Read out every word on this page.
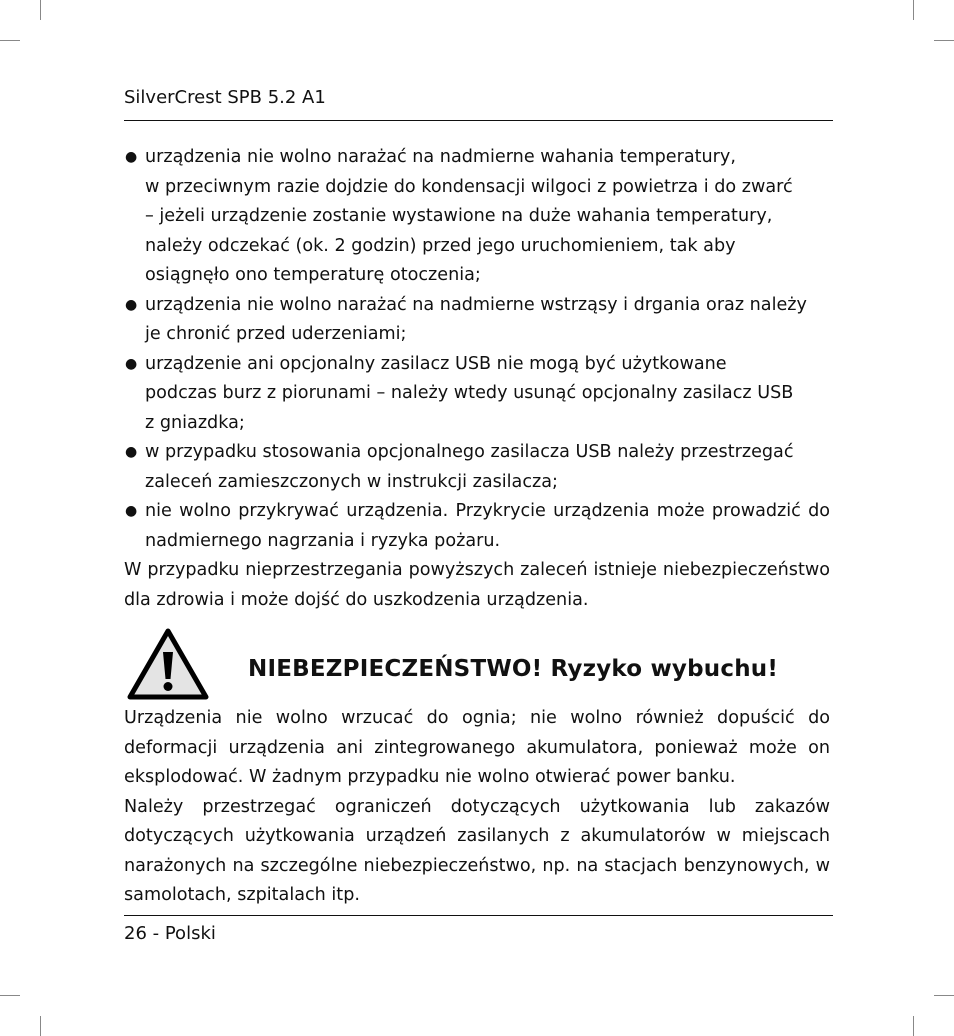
SilverCrest SPB 5.2 A1
● urządzenia nie wolno narażać na nadmierne wahania temperatury,
w przeciwnym razie dojdzie do kondensacji wilgoci z powietrza i do zwarć
– jeżeli urządzenie zostanie wystawione na duże wahania temperatury,
należy odczekać (ok. 2 godzin) przed jego uruchomieniem, tak aby
osiągnęło ono temperaturę otoczenia;
● urządzenia nie wolno narażać na nadmierne wstrząsy i drgania oraz należy
je chronić przed uderzeniami;
● urządzenie ani opcjonalny zasilacz USB nie mogą być użytkowane
podczas burz z piorunami – należy wtedy usunąć opcjonalny zasilacz USB
z gniazdka;
● w przypadku stosowania opcjonalnego zasilacza USB należy przestrzegać
zaleceń zamieszczonych w instrukcji zasilacza;
● nie wolno przykrywać urządzenia. Przykrycie urządzenia może prowadzić do nadmiernego nagrzania i ryzyka pożaru.

W przypadku nieprzestrzegania powyższych zaleceń istnieje niebezpieczeństwo dla zdrowia i może dojść do uszkodzenia urządzenia.

NIEBEZPIECZEŃSTWO! Ryzyko wybuchu!

Urządzenia nie wolno wrzucać do ognia; nie wolno również dopuścić do deformacji urządzenia ani zintegrowanego akumulatora, ponieważ może on eksplodować. W żadnym przypadku nie wolno otwierać power banku.

Należy przestrzegać ograniczeń dotyczących użytkowania lub zakazów dotyczących użytkowania urządzeń zasilanych z akumulatorów w miejscach narażonych na szczególne niebezpieczeństwo, np. na stacjach benzynowych, w samolotach, szpitalach itp.

26 - Polski
